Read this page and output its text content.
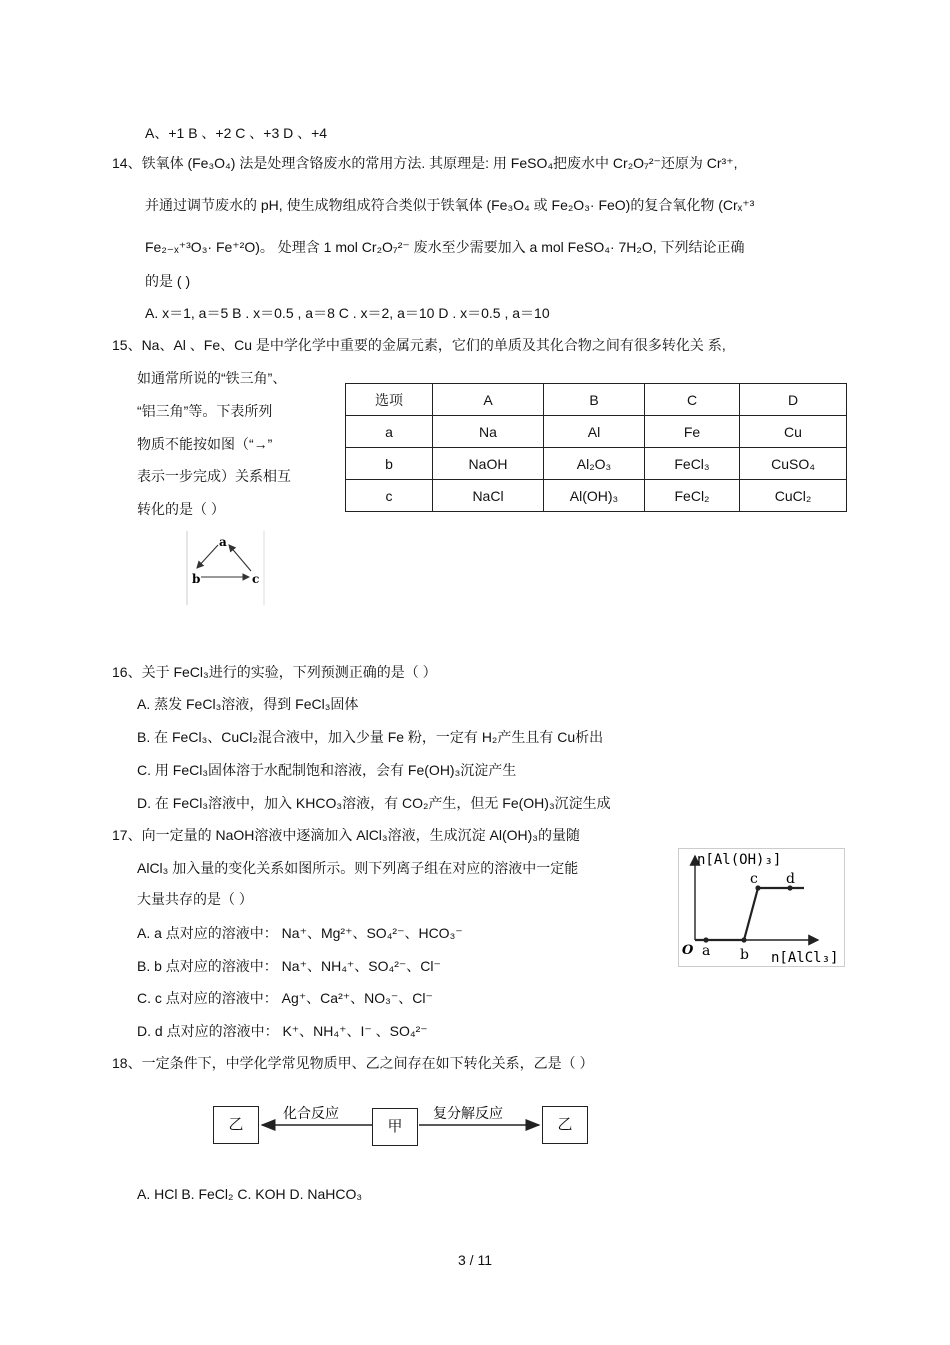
A、+1 B 、+2 C 、+3 D 、+4
14、铁氧体 (Fe₃O₄) 法是处理含铬废水的常用方法. 其原理是: 用 FeSO₄把废水中 Cr₂O₇²⁻还原为 Cr³⁺,
并通过调节废水的 pH, 使生成物组成符合类似于铁氧体 (Fe₃O₄ 或 Fe₂O₃· FeO)的复合氧化物 (Crₓ⁺³
Fe₂₋ₓ⁺³O₃· Fe⁺²O)。 处理含 1 mol Cr₂O₇²⁻ 废水至少需要加入 a mol FeSO₄· 7H₂O, 下列结论正确
的是 ( )
A. x＝1, a＝5 B . x＝0.5 , a＝8 C . x＝2, a＝10 D . x＝0.5 , a＝10
15、Na、Al 、Fe、Cu 是中学化学中重要的金属元素，它们的单质及其化合物之间有很多转化关 系,
如通常所说的“铁三角”、
“铝三角”等。下表所列
物质不能按如图（“→”
表示一步完成）关系相互
转化的是（ ）
选项	A	B	C	D
a	Na	Al	Fe	Cu
b	NaOH	Al₂O₃	FeCl₃	CuSO₄
c	NaCl	Al(OH)₃	FeCl₂	CuCl₂
a
b	c
16、关于 FeCl₃进行的实验，下列预测正确的是（ ）
A. 蒸发 FeCl₃溶液，得到 FeCl₃固体
B. 在 FeCl₃、CuCl₂混合液中，加入少量 Fe 粉，一定有 H₂产生且有 Cu析出
C. 用 FeCl₃固体溶于水配制饱和溶液，会有 Fe(OH)₃沉淀产生
D. 在 FeCl₃溶液中，加入 KHCO₃溶液，有 CO₂产生，但无 Fe(OH)₃沉淀生成
17、向一定量的 NaOH溶液中逐滴加入 AlCl₃溶液，生成沉淀 Al(OH)₃的量随
AlCl₃ 加入量的变化关系如图所示。则下列离子组在对应的溶液中一定能
大量共存的是（ ）
A. a 点对应的溶液中： Na⁺、Mg²⁺、SO₄²⁻、HCO₃⁻
B. b 点对应的溶液中： Na⁺、NH₄⁺、SO₄²⁻、Cl⁻
C. c 点对应的溶液中： Ag⁺、Ca²⁺、NO₃⁻、Cl⁻
D. d 点对应的溶液中： K⁺、NH₄⁺、I⁻ 、SO₄²⁻
n[Al(OH)₃]
n[AlCl₃]
O a b
c d
18、一定条件下，中学化学常见物质甲、乙之间存在如下转化关系，乙是（ ）
乙	甲	乙
化合反应	复分解反应
A. HCl B. FeCl₂ C. KOH D. NaHCO₃
3 / 11
